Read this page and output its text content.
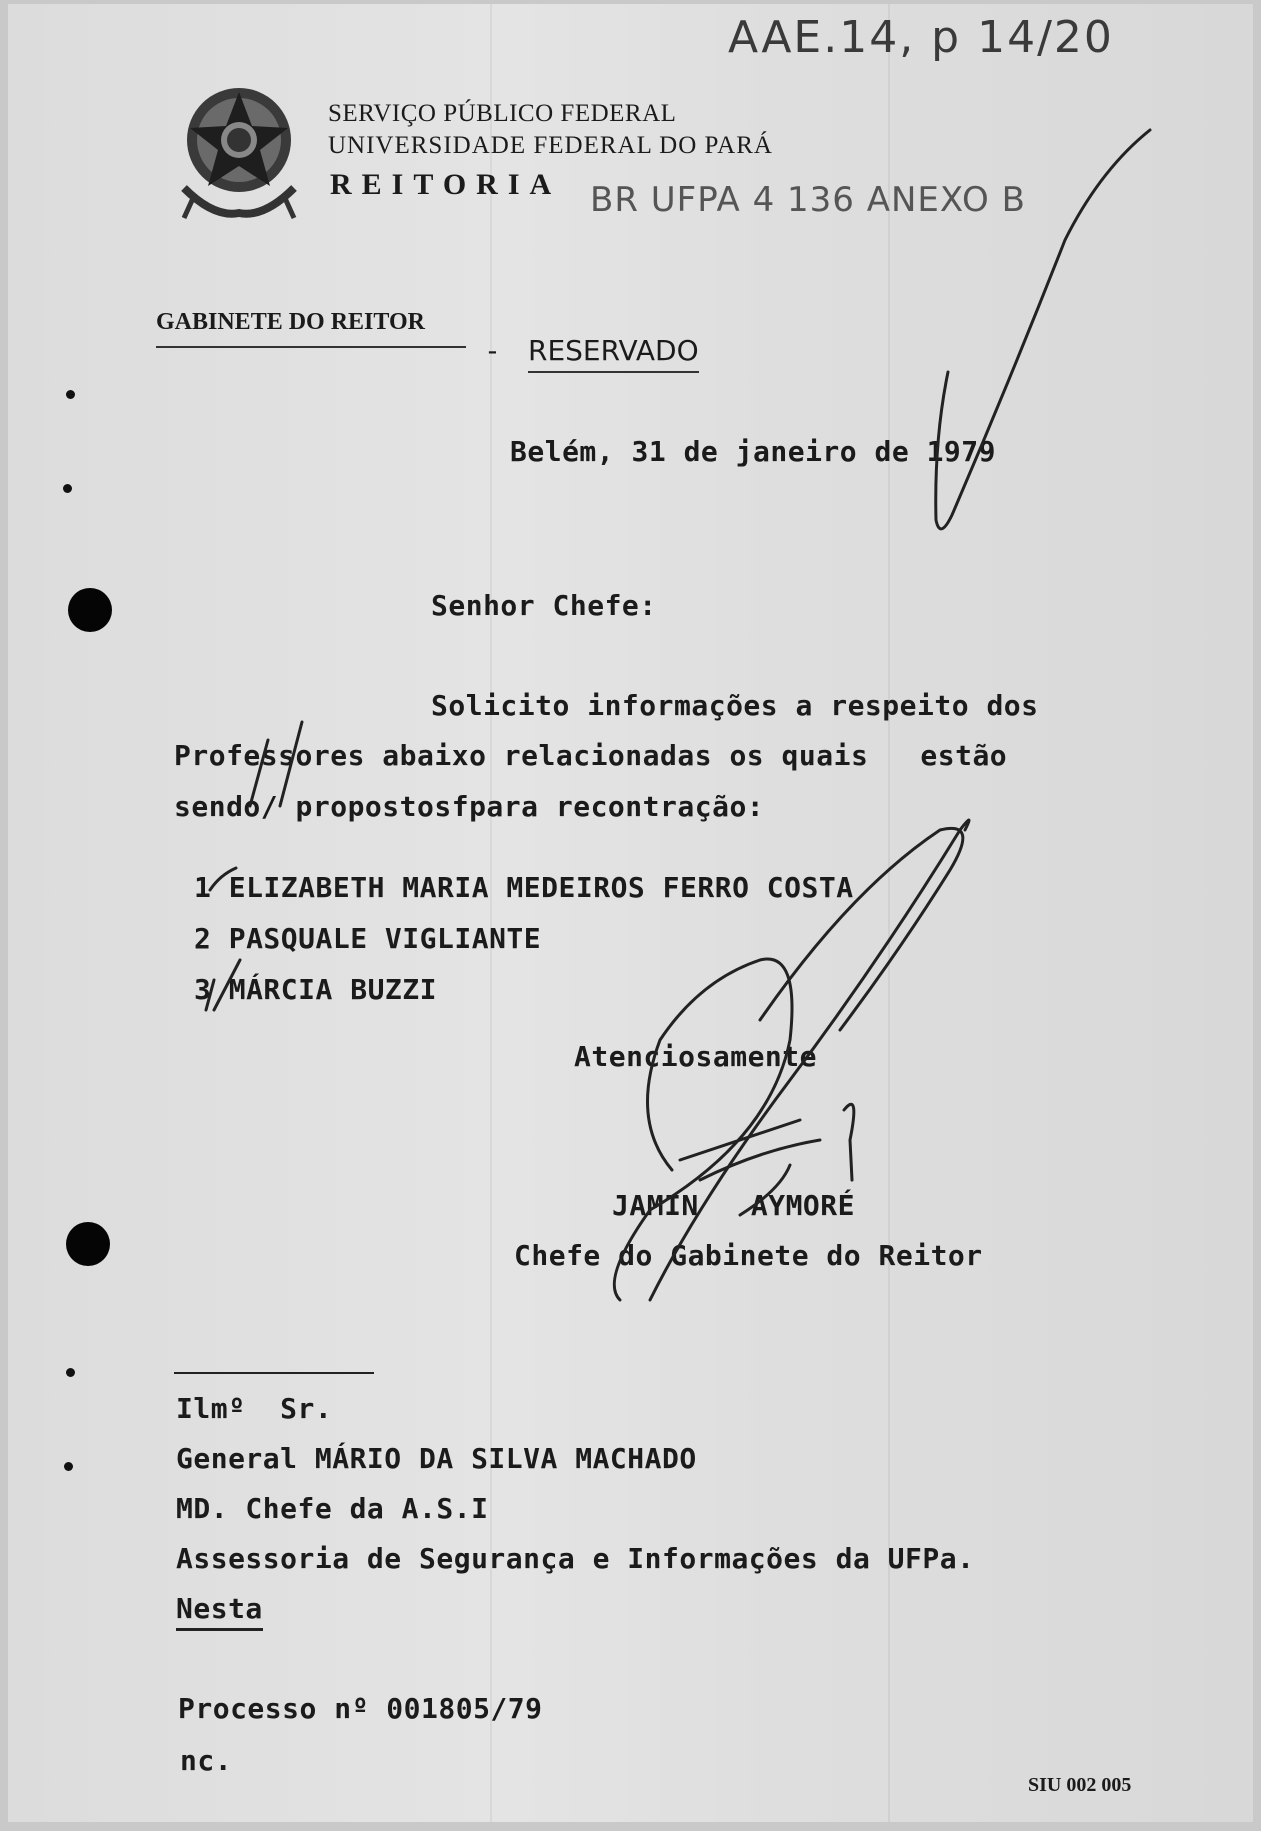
AAE.14, p 14/20
BR UFPA 4 136 ANEXO B
SERVIÇO PÚBLICO FEDERAL
UNIVERSIDADE FEDERAL DO PARÁ
REITORIA
GABINETE DO REITOR
- RESERVADO
Belém, 31 de janeiro de 1979
Senhor Chefe:
Solicito informações a respeito dos
Professores abaixo relacionadas os quais   estão
sendo/ propostosfpara recontração:
1 ELIZABETH MARIA MEDEIROS FERRO COSTA
2 PASQUALE VIGLIANTE
3 MÁRCIA BUZZI
Atenciosamente
JAMIN   AYMORÉ
Chefe do Gabinete do Reitor
Ilmº  Sr.
General MÁRIO DA SILVA MACHADO
MD. Chefe da A.S.I
Assessoria de Segurança e Informações da UFPa.
Nesta
Processo nº 001805/79
nc.
SIU 002 005
